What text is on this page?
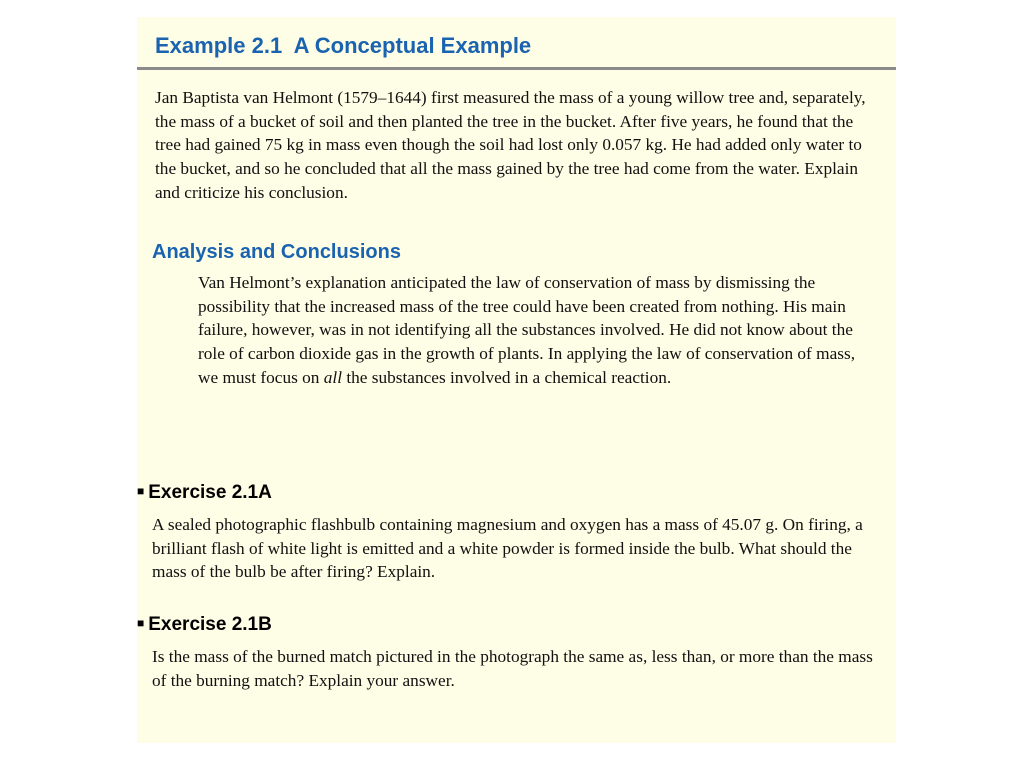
Example 2.1  A Conceptual Example

Jan Baptista van Helmont (1579–1644) first measured the mass of a young willow tree and, separately, the mass of a bucket of soil and then planted the tree in the bucket. After five years, he found that the tree had gained 75 kg in mass even though the soil had lost only 0.057 kg. He had added only water to the bucket, and so he concluded that all the mass gained by the tree had come from the water. Explain and criticize his conclusion.

Analysis and Conclusions

Van Helmont’s explanation anticipated the law of conservation of mass by dismissing the possibility that the increased mass of the tree could have been created from nothing. His main failure, however, was in not identifying all the substances involved. He did not know about the role of carbon dioxide gas in the growth of plants. In applying the law of conservation of mass, we must focus on all the substances involved in a chemical reaction.

■ Exercise 2.1A

A sealed photographic flashbulb containing magnesium and oxygen has a mass of 45.07 g. On firing, a brilliant flash of white light is emitted and a white powder is formed inside the bulb. What should the mass of the bulb be after firing? Explain.

■ Exercise 2.1B

Is the mass of the burned match pictured in the photograph the same as, less than, or more than the mass of the burning match? Explain your answer.
